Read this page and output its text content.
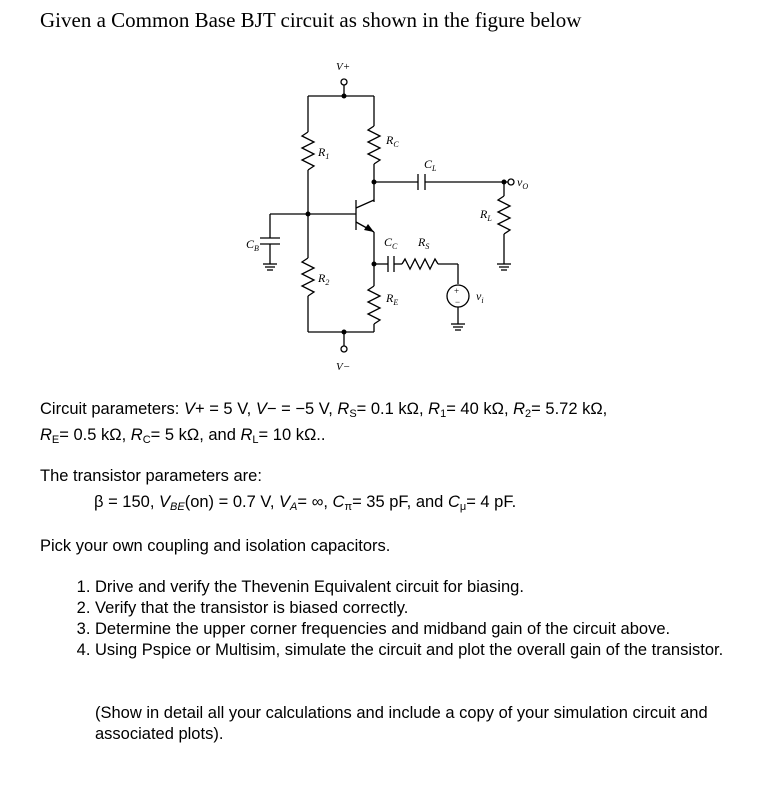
Given a Common Base BJT circuit as shown in the figure below
+
−
V+
V−
$R_1$
$R_2$
$R_C$
$R_E$
$C_L$
$R_L$
$C_B$	$C_C$ $R_S$
$v_O$
$v_i$
Circuit parameters: V+ = 5 V, V− = −5 V, $R_S= 0.1$ kΩ, $R_1= 40$ kΩ, $R_2= 5.72$ kΩ,
$R_E= 0.5$ kΩ, $R_C= 5$ kΩ, and $R_L= 10$ kΩ..
The transistor parameters are:
β = 150, $V_{BE}(on) = 0.7$ V, $V_A=$ ∞, $C_\pi= 35$ pF, and $C_\mu= 4$ pF.
Pick your own coupling and isolation capacitors.
1. Drive and verify the Thevenin Equivalent circuit for biasing.
2. Verify that the transistor is biased correctly.
3. Determine the upper corner frequencies and midband gain of the circuit above.
4. Using Pspice or Multisim, simulate the circuit and plot the overall gain of the transistor.
(Show in detail all your calculations and include a copy of your simulation circuit and associated plots).
